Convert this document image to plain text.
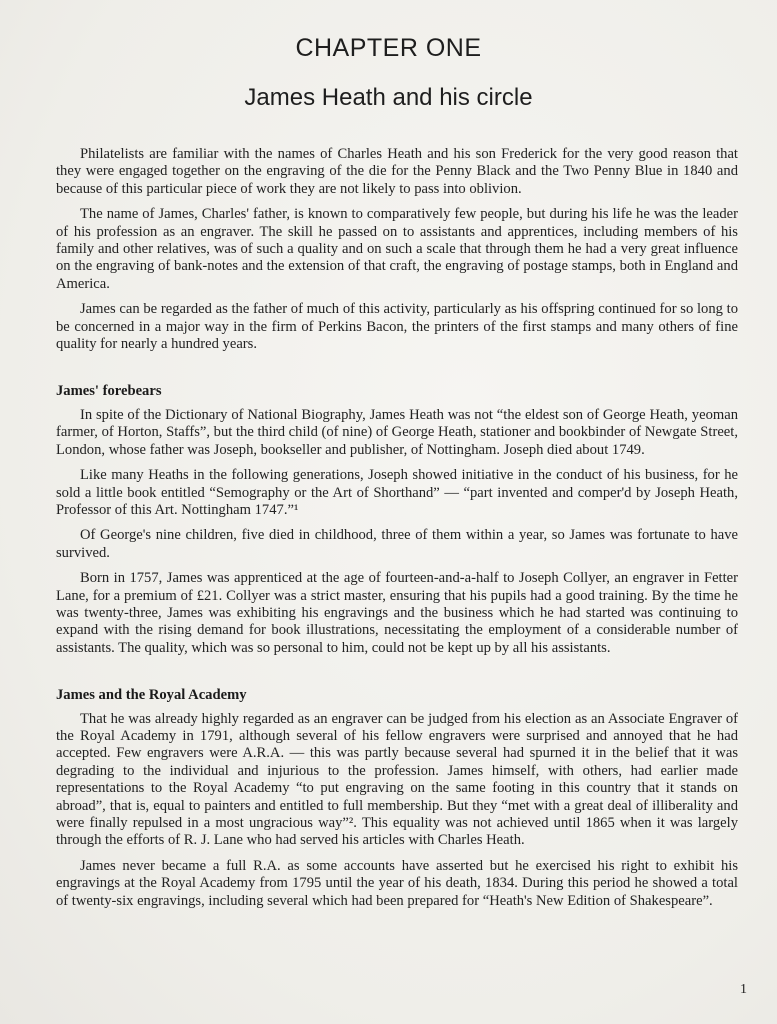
CHAPTER ONE
James Heath and his circle

Philatelists are familiar with the names of Charles Heath and his son Frederick for the very good reason that they were engaged together on the engraving of the die for the Penny Black and the Two Penny Blue in 1840 and because of this particular piece of work they are not likely to pass into oblivion.

The name of James, Charles' father, is known to comparatively few people, but during his life he was the leader of his profession as an engraver. The skill he passed on to assistants and apprentices, including members of his family and other relatives, was of such a quality and on such a scale that through them he had a very great influence on the engraving of bank-notes and the extension of that craft, the engraving of postage stamps, both in England and America.

James can be regarded as the father of much of this activity, particularly as his offspring continued for so long to be concerned in a major way in the firm of Perkins Bacon, the printers of the first stamps and many others of fine quality for nearly a hundred years.

James' forebears

In spite of the Dictionary of National Biography, James Heath was not “the eldest son of George Heath, yeoman farmer, of Horton, Staffs”, but the third child (of nine) of George Heath, stationer and bookbinder of Newgate Street, London, whose father was Joseph, bookseller and publisher, of Nottingham. Joseph died about 1749.

Like many Heaths in the following generations, Joseph showed initiative in the conduct of his business, for he sold a little book entitled “Semography or the Art of Shorthand” — “part invented and comper'd by Joseph Heath, Professor of this Art. Nottingham 1747.”¹

Of George's nine children, five died in childhood, three of them within a year, so James was fortunate to have survived.

Born in 1757, James was apprenticed at the age of fourteen-and-a-half to Joseph Collyer, an engraver in Fetter Lane, for a premium of £21. Collyer was a strict master, ensuring that his pupils had a good training. By the time he was twenty-three, James was exhibiting his engravings and the business which he had started was continuing to expand with the rising demand for book illustrations, necessitating the employment of a considerable number of assistants. The quality, which was so personal to him, could not be kept up by all his assistants.

James and the Royal Academy

That he was already highly regarded as an engraver can be judged from his election as an Associate Engraver of the Royal Academy in 1791, although several of his fellow engravers were surprised and annoyed that he had accepted. Few engravers were A.R.A. — this was partly because several had spurned it in the belief that it was degrading to the individual and injurious to the profession. James himself, with others, had earlier made representations to the Royal Academy “to put engraving on the same footing in this country that it stands on abroad”, that is, equal to painters and entitled to full membership. But they “met with a great deal of illiberality and were finally repulsed in a most ungracious way”². This equality was not achieved until 1865 when it was largely through the efforts of R. J. Lane who had served his articles with Charles Heath.

James never became a full R.A. as some accounts have asserted but he exercised his right to exhibit his engravings at the Royal Academy from 1795 until the year of his death, 1834. During this period he showed a total of twenty-six engravings, including several which had been prepared for “Heath's New Edition of Shakespeare”.

1
